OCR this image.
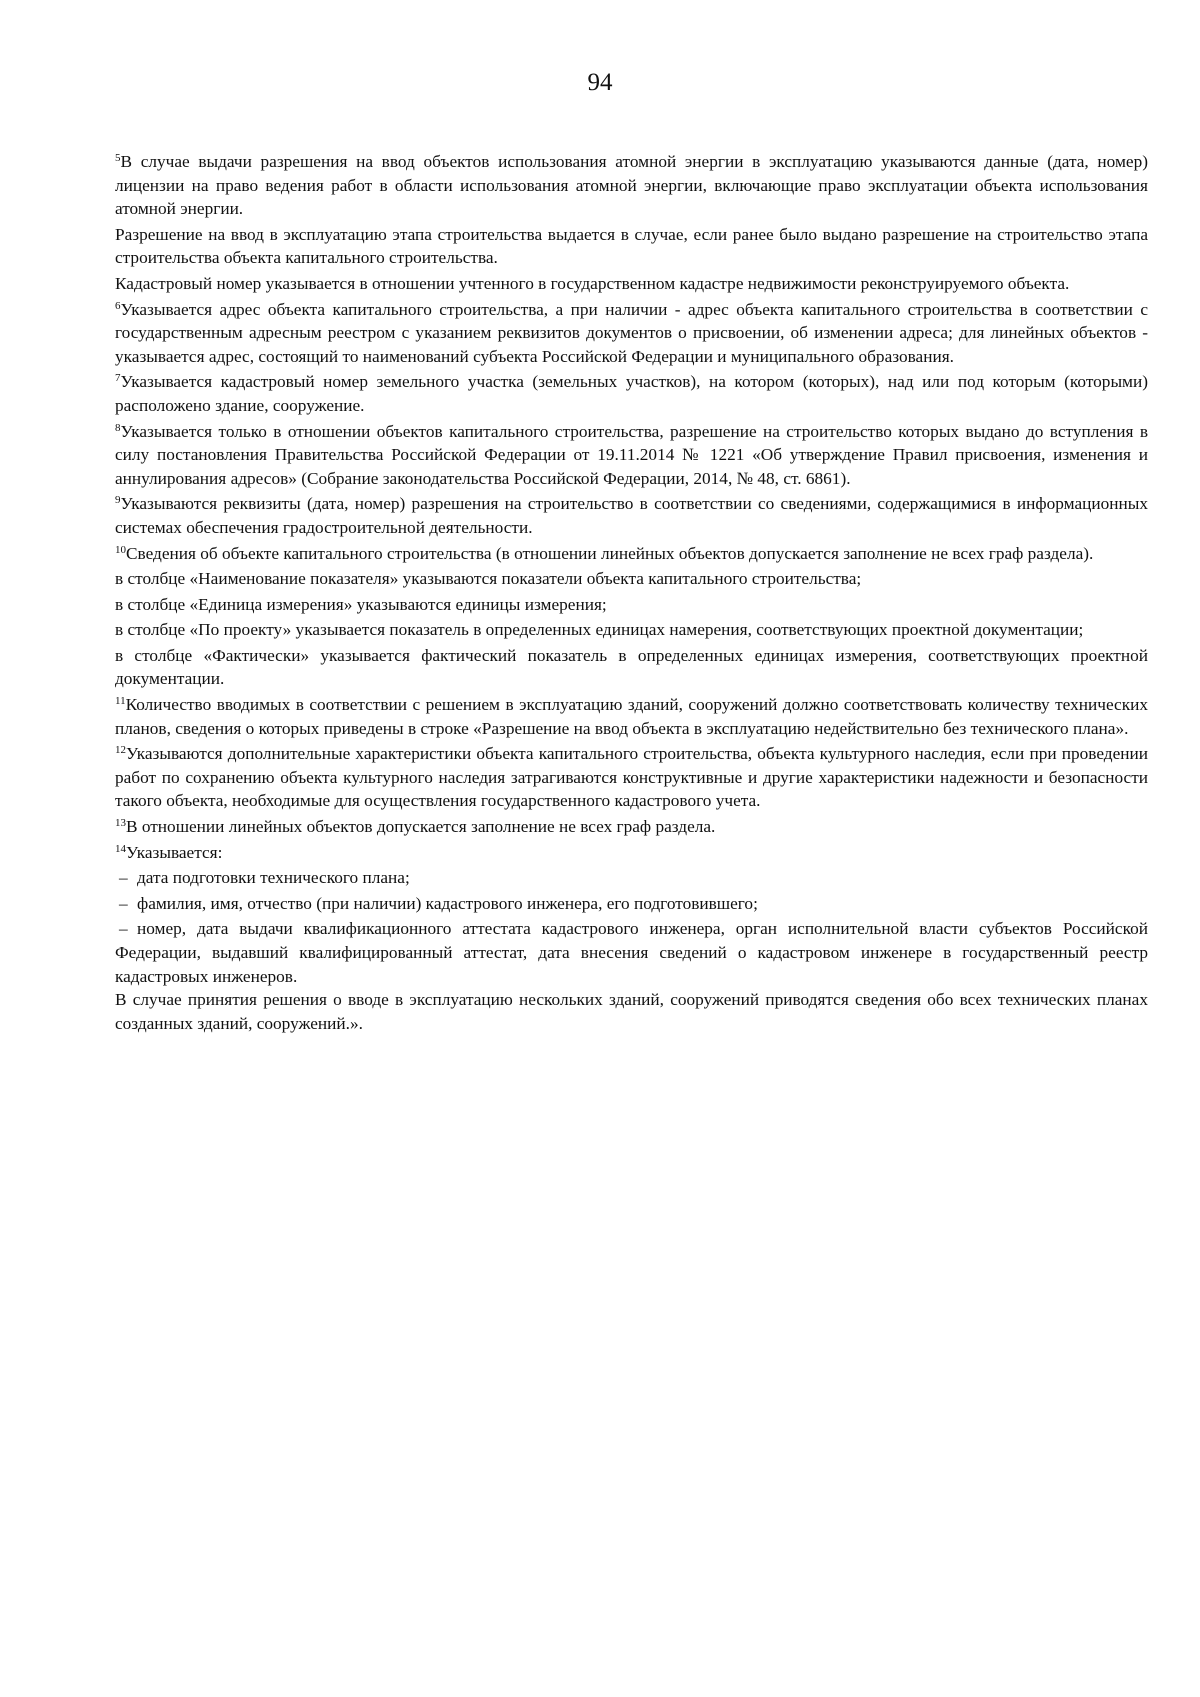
94

$^5$В случае выдачи разрешения на ввод объектов использования атомной энергии в эксплуатацию указываются данные (дата, номер) лицензии на право ведения работ в области использования атомной энергии, включающие право эксплуатации объекта использования атомной энергии.

Разрешение на ввод в эксплуатацию этапа строительства выдается в случае, если ранее было выдано разрешение на строительство этапа строительства объекта капитального строительства.

Кадастровый номер указывается в отношении учтенного в государственном кадастре недвижимости реконструируемого объекта.

$^6$Указывается адрес объекта капитального строительства, а при наличии - адрес объекта капитального строительства в соответствии с государственным адресным реестром с указанием реквизитов документов о присвоении, об изменении адреса; для линейных объектов - указывается адрес, состоящий то наименований субъекта Российской Федерации и муниципального образования.

$^7$Указывается кадастровый номер земельного участка (земельных участков), на котором (которых), над или под которым (которыми) расположено здание, сооружение.

$^8$Указывается только в отношении объектов капитального строительства, разрешение на строительство которых выдано до вступления в силу постановления Правительства Российской Федерации от 19.11.2014 № 1221 «Об утверждение Правил присвоения, изменения и аннулирования адресов» (Собрание законодательства Российской Федерации, 2014, № 48, ст. 6861).

$^9$Указываются реквизиты (дата, номер) разрешения на строительство в соответствии со сведениями, содержащимися в информационных системах обеспечения градостроительной деятельности.

$^{10}$Сведения об объекте капитального строительства (в отношении линейных объектов допускается заполнение не всех граф раздела).

в столбце «Наименование показателя» указываются показатели объекта капитального строительства;

в столбце «Единица измерения» указываются единицы измерения;

в столбце «По проекту» указывается показатель в определенных единицах намерения, соответствующих проектной документации;

в столбце «Фактически» указывается фактический показатель в определенных единицах измерения, соответствующих проектной документации.

$^{11}$Количество вводимых в соответствии с решением в эксплуатацию зданий, сооружений должно соответствовать количеству технических планов, сведения о которых приведены в строке «Разрешение на ввод объекта в эксплуатацию недействительно без технического плана».

$^{12}$Указываются дополнительные характеристики объекта капитального строительства, объекта культурного наследия, если при проведении работ по сохранению объекта культурного наследия затрагиваются конструктивные и другие характеристики надежности и безопасности такого объекта, необходимые для осуществления государственного кадастрового учета.

$^{13}$В отношении линейных объектов допускается заполнение не всех граф раздела.

$^{14}$Указывается:

– дата подготовки технического плана;

– фамилия, имя, отчество (при наличии) кадастрового инженера, его подготовившего;

– номер, дата выдачи квалификационного аттестата кадастрового инженера, орган исполнительной власти субъектов Российской Федерации, выдавший квалифицированный аттестат, дата внесения сведений о кадастровом инженере в государственный реестр кадастровых инженеров.

В случае принятия решения о вводе в эксплуатацию нескольких зданий, сооружений приводятся сведения обо всех технических планах созданных зданий, сооружений.».
